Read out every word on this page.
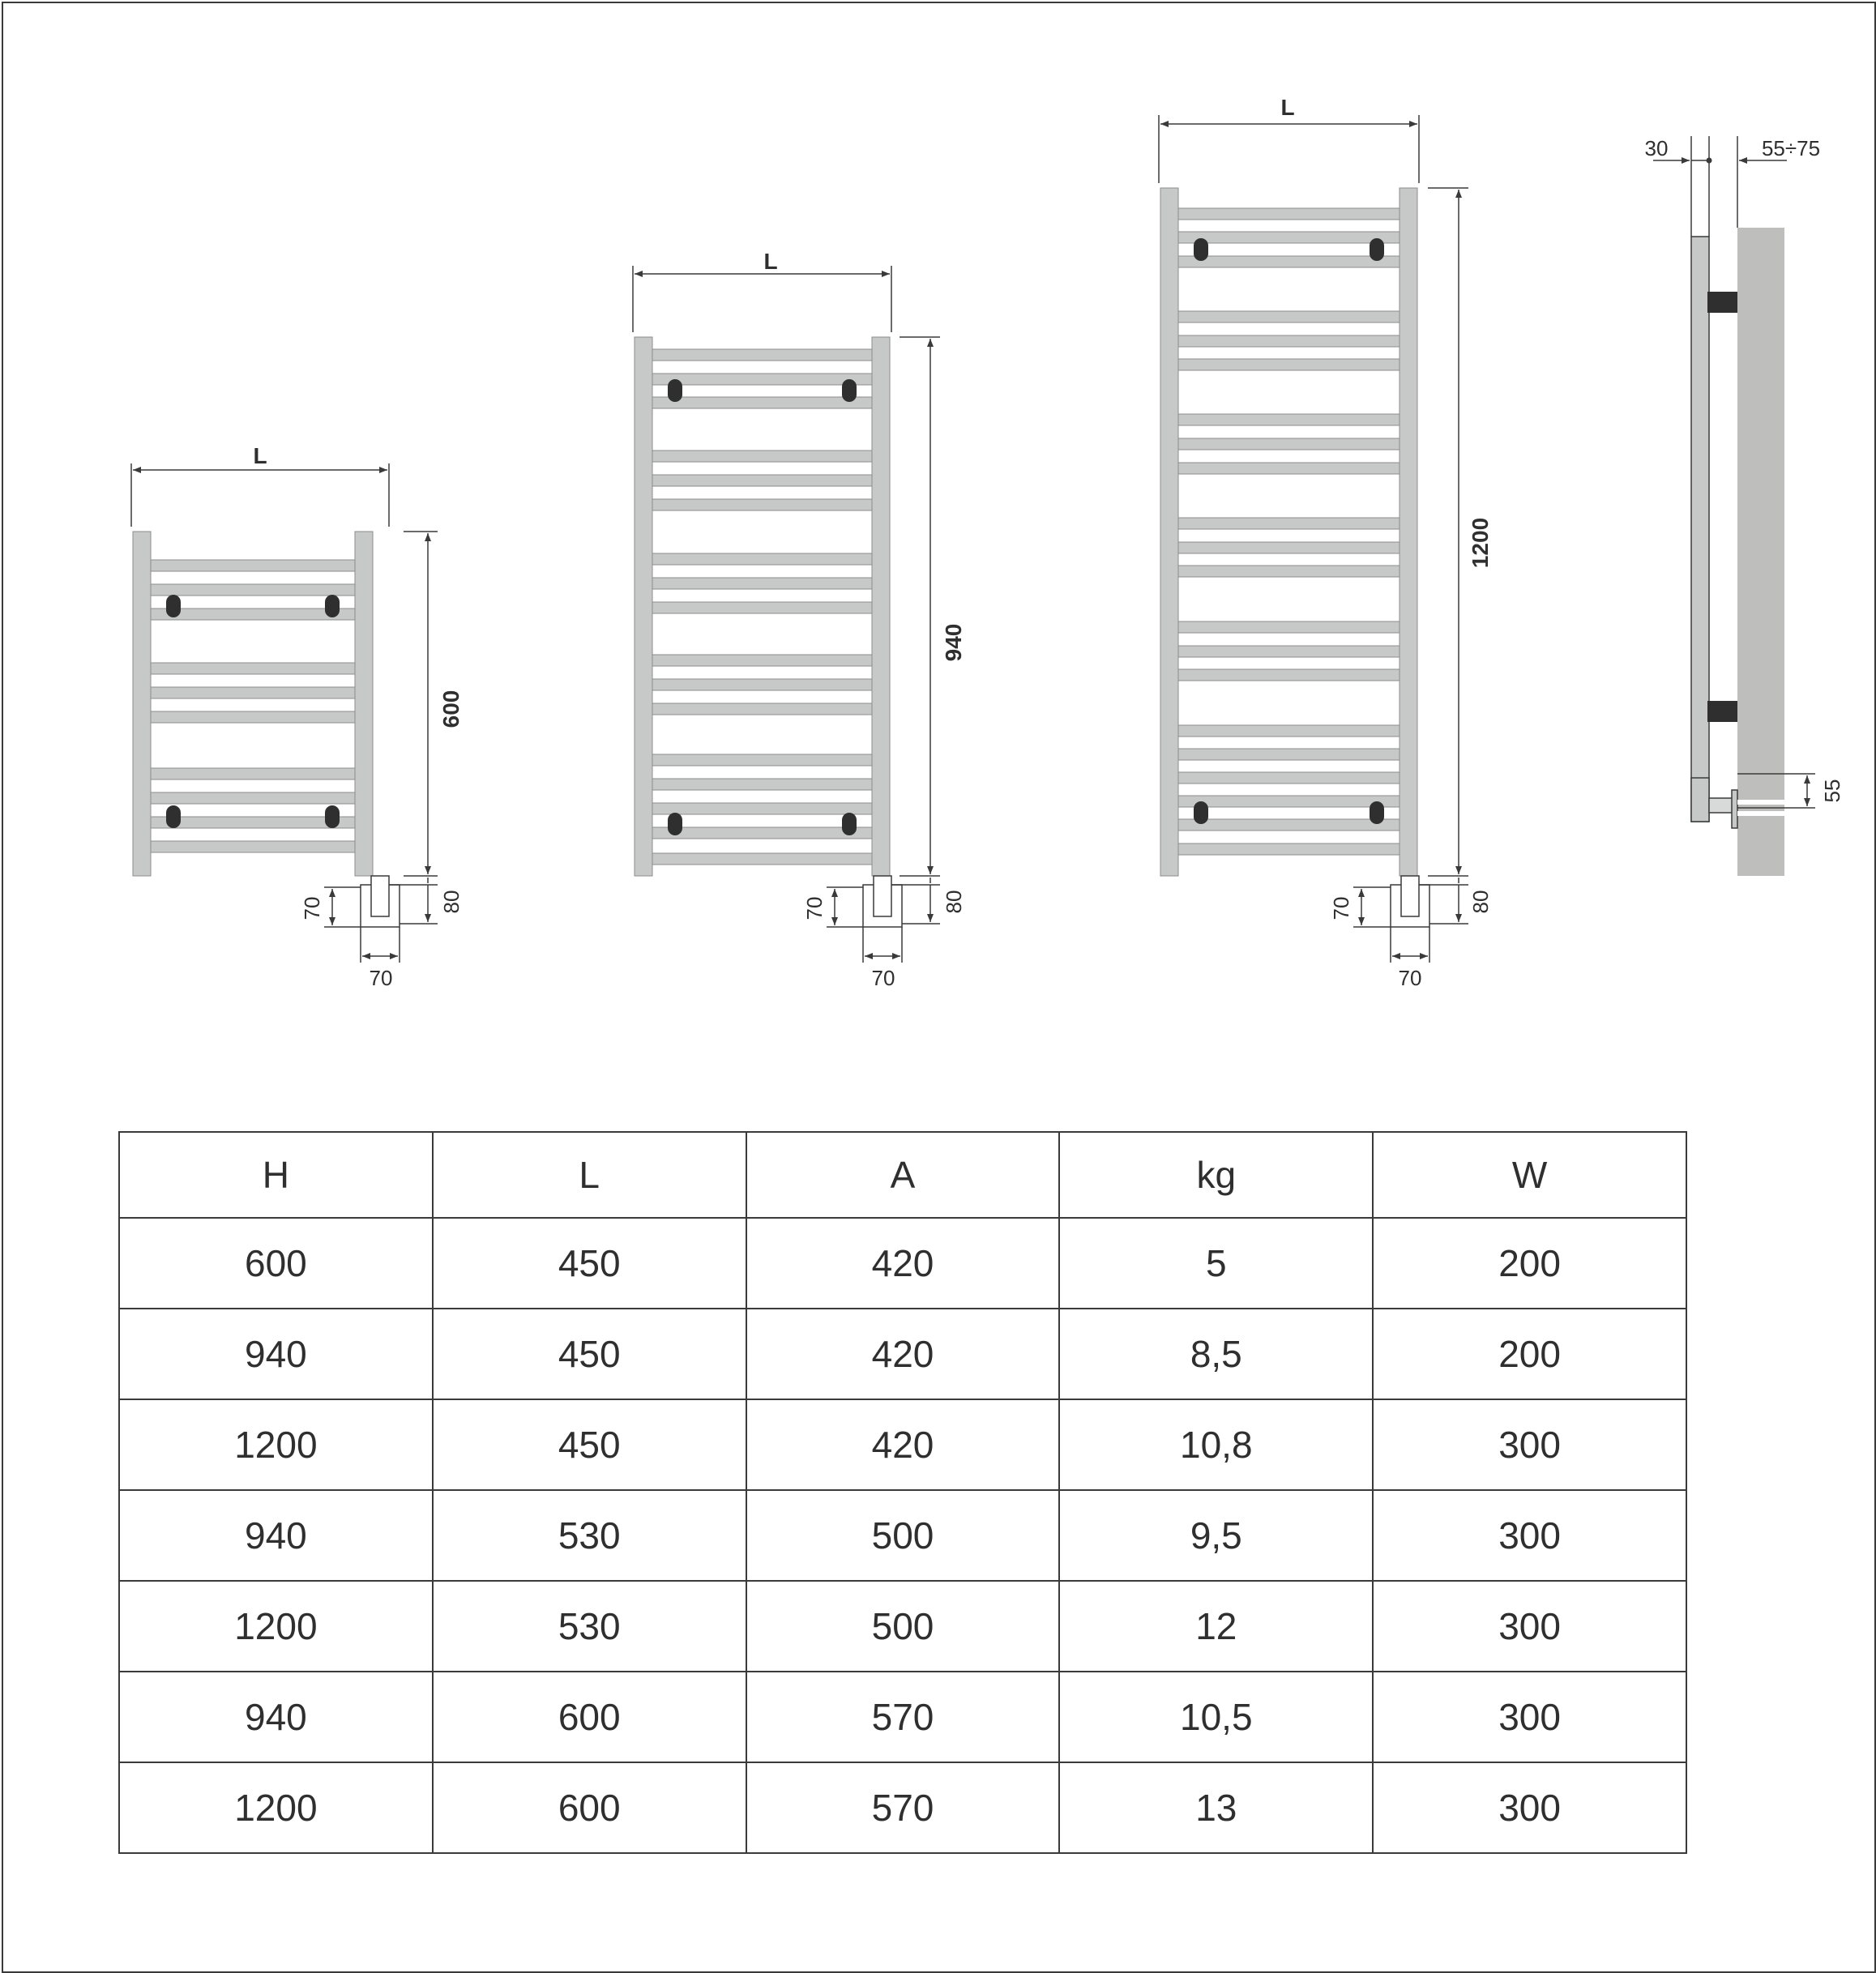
L
600
80
70
70
L
940
80
70
70
L
1200
80
70
70
30	55÷75
55
H	L	A	kg	W
600	450	420	5	200
940	450	420	8,5	200
1200	450	420	10,8	300
940	530	500	9,5	300
1200	530	500	12	300
940	600	570	10,5	300
1200	600	570	13	300
